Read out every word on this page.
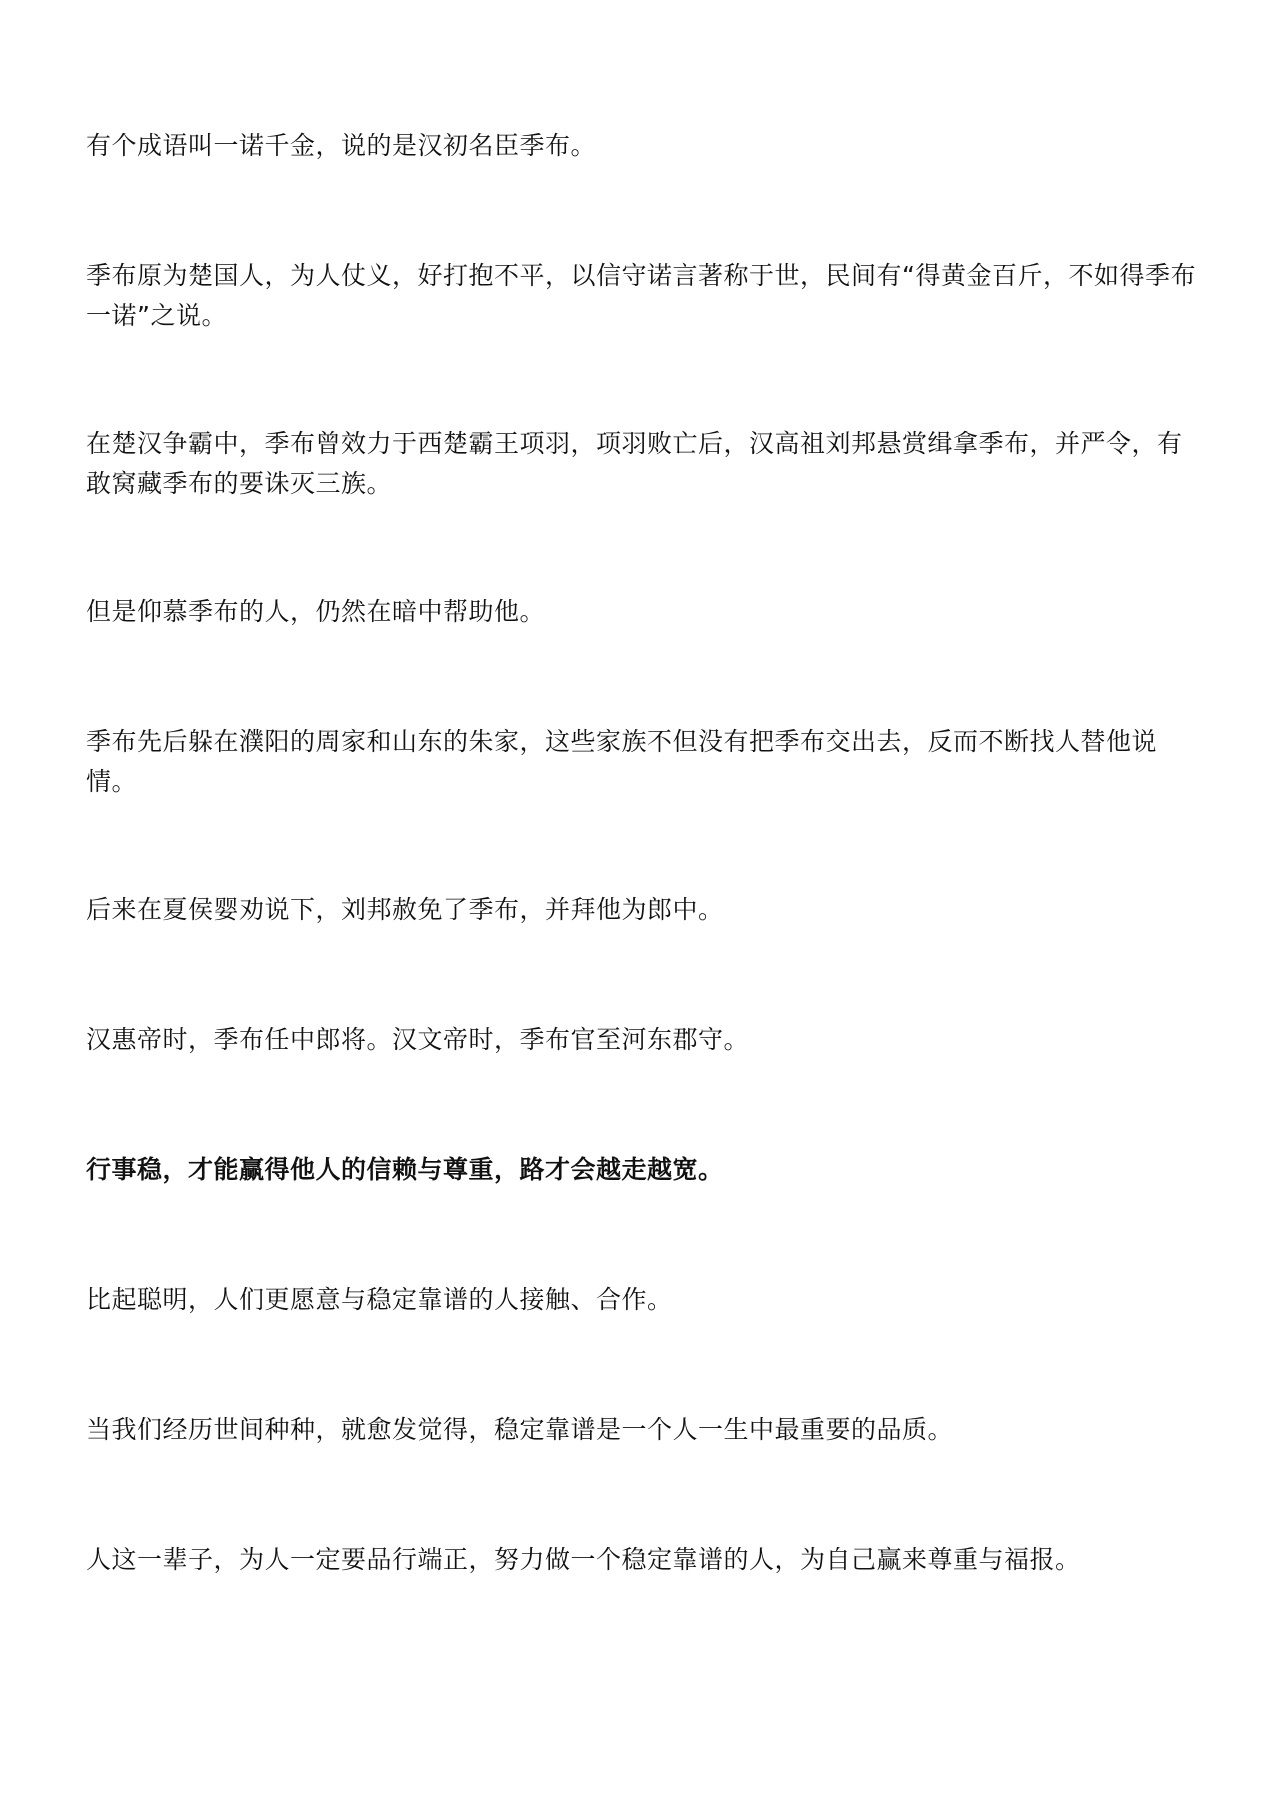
有个成语叫一诺千金，说的是汉初名臣季布。

季布原为楚国人，为人仗义，好打抱不平，以信守诺言著称于世，民间有“得黄金百斤，不如得季布一诺”之说。

在楚汉争霸中，季布曾效力于西楚霸王项羽，项羽败亡后，汉高祖刘邦悬赏缉拿季布，并严令，有敢窝藏季布的要诛灭三族。

但是仰慕季布的人，仍然在暗中帮助他。

季布先后躲在濮阳的周家和山东的朱家，这些家族不但没有把季布交出去，反而不断找人替他说情。

后来在夏侯婴劝说下，刘邦赦免了季布，并拜他为郎中。

汉惠帝时，季布任中郎将。汉文帝时，季布官至河东郡守。

行事稳，才能赢得他人的信赖与尊重，路才会越走越宽。

比起聪明，人们更愿意与稳定靠谱的人接触、合作。

当我们经历世间种种，就愈发觉得，稳定靠谱是一个人一生中最重要的品质。

人这一辈子，为人一定要品行端正，努力做一个稳定靠谱的人，为自己赢来尊重与福报。
